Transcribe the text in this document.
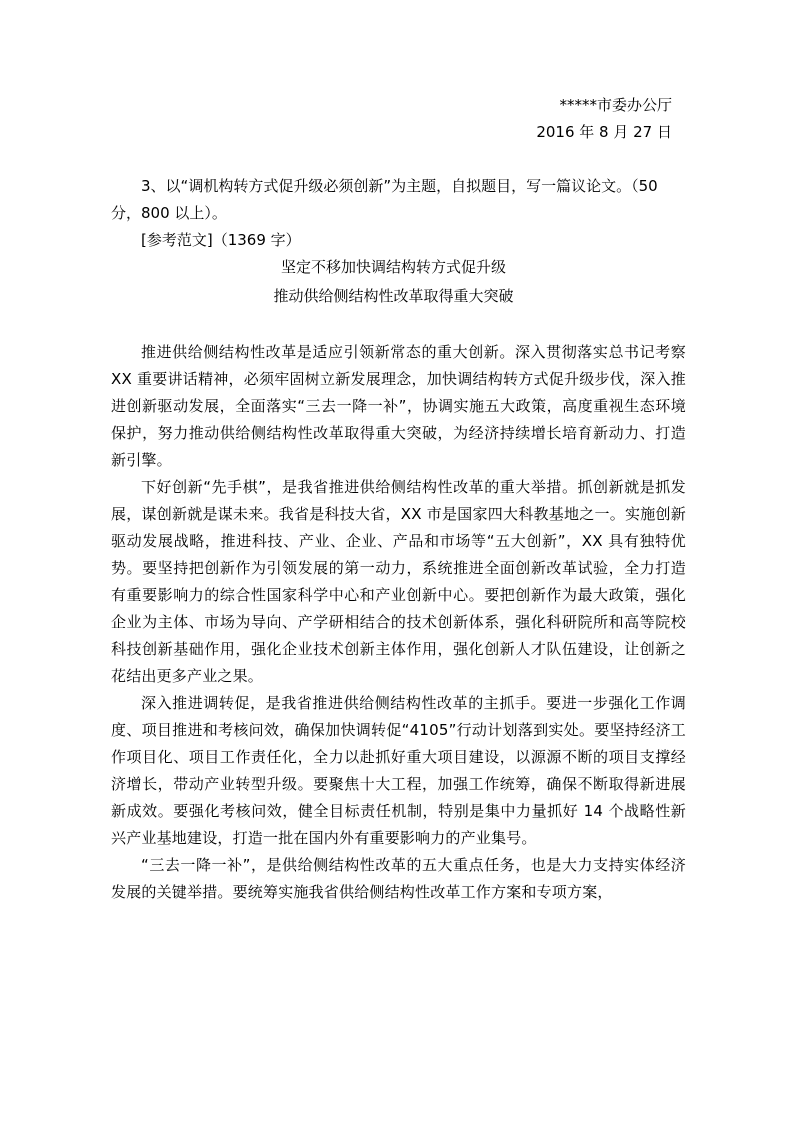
*****市委办公厅
2016 年 8 月 27 日

3、以“调机构转方式促升级必须创新”为主题，自拟题目，写一篇议论文。（50 分，800 以上）。

[参考范文]（1369 字）

坚定不移加快调结构转方式促升级
推动供给侧结构性改革取得重大突破

推进供给侧结构性改革是适应引领新常态的重大创新。深入贯彻落实总书记考察 XX 重要讲话精神，必须牢固树立新发展理念，加快调结构转方式促升级步伐，深入推进创新驱动发展，全面落实“三去一降一补”，协调实施五大政策，高度重视生态环境保护，努力推动供给侧结构性改革取得重大突破，为经济持续增长培育新动力、打造新引擎。

下好创新“先手棋”，是我省推进供给侧结构性改革的重大举措。抓创新就是抓发展，谋创新就是谋未来。我省是科技大省，XX 市是国家四大科教基地之一。实施创新驱动发展战略，推进科技、产业、企业、产品和市场等“五大创新”，XX 具有独特优势。要坚持把创新作为引领发展的第一动力，系统推进全面创新改革试验，全力打造有重要影响力的综合性国家科学中心和产业创新中心。要把创新作为最大政策，强化企业为主体、市场为导向、产学研相结合的技术创新体系，强化科研院所和高等院校科技创新基础作用，强化企业技术创新主体作用，强化创新人才队伍建设，让创新之花结出更多产业之果。

深入推进调转促，是我省推进供给侧结构性改革的主抓手。要进一步强化工作调度、项目推进和考核问效，确保加快调转促“4105”行动计划落到实处。要坚持经济工作项目化、项目工作责任化，全力以赴抓好重大项目建设，以源源不断的项目支撑经济增长，带动产业转型升级。要聚焦十大工程，加强工作统筹，确保不断取得新进展新成效。要强化考核问效，健全目标责任机制，特别是集中力量抓好 14 个战略性新兴产业基地建设，打造一批在国内外有重要影响力的产业集号。

“三去一降一补”，是供给侧结构性改革的五大重点任务，也是大力支持实体经济发展的关键举措。要统筹实施我省供给侧结构性改革工作方案和专项方案，
